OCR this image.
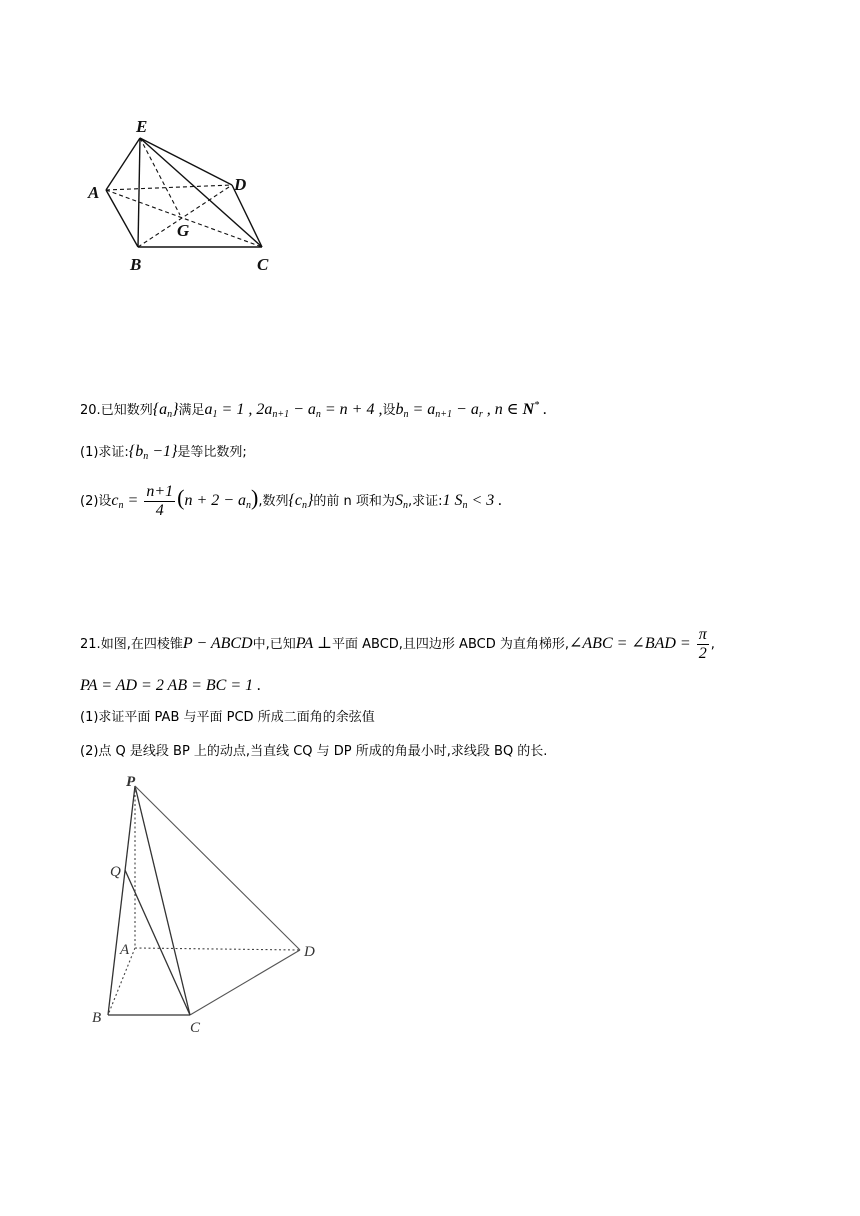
E
A	D
G
B	C
20.已知数列$\{a_n\}$满足$a_1 = 1$ , $2a_{n+1} - a_n = n + 4$ ,设$b_n = a_{n+1} - a_r$ , n ∈ N* .
(1)求证$:\{b_n -1\}$是等比数列;
(2)设$c_n = \frac{n+1}{4} (n + 2 - a_n)$,数列$\{c_n\}$的前 n 项和为$S_n$,求证:1 $S_n < 3$ .
21.如图,在四棱锥P − ABCD中,已知PA ⊥平面 ABCD,且四边形 ABCD 为直角梯形,∠ABC = ∠BAD = $\frac{\pi}{2}$ ,
PA = AD = 2 AB = BC = 1 .
(1)求证平面 PAB 与平面 PCD 所成二面角的余弦值
(2)点 Q 是线段 BP 上的动点,当直线 CQ 与 DP 所成的角最小时,求线段 BQ 的长.
P
Q
A	D
B
C
